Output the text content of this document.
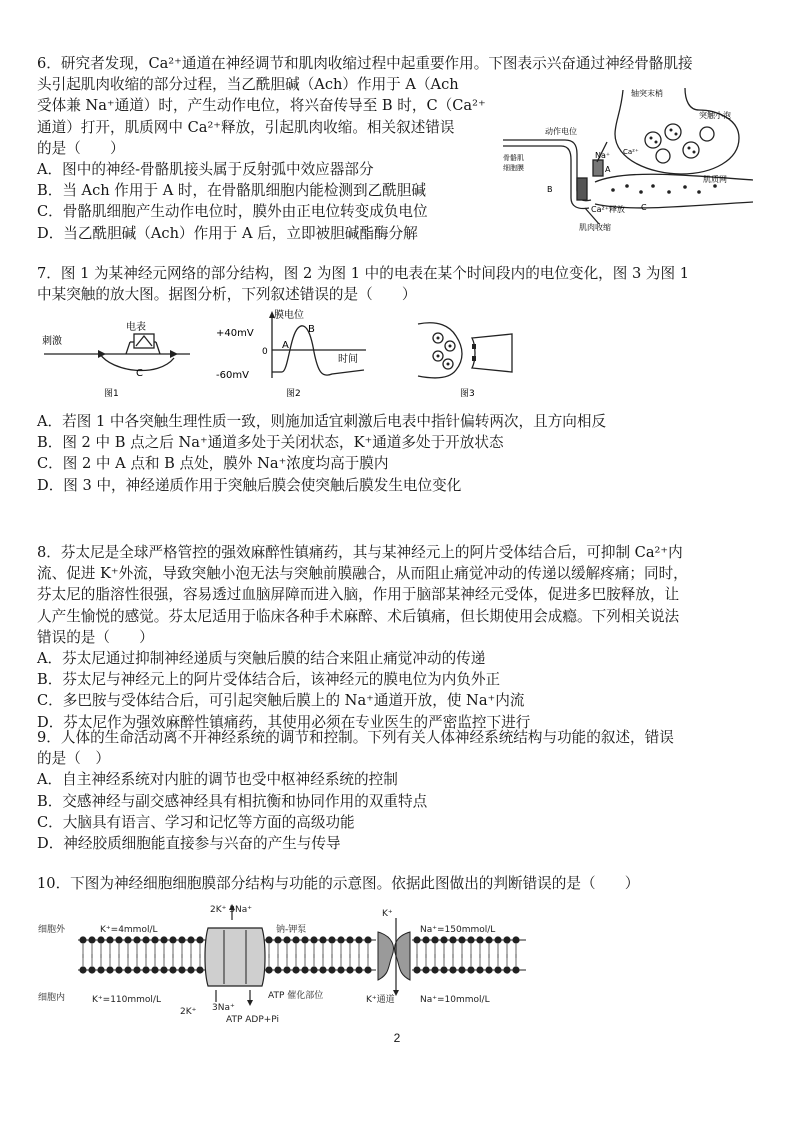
6．研究者发现，Ca²⁺通道在神经调节和肌肉收缩过程中起重要作用。下图表示兴奋通过神经骨骼肌接
头引起肌肉收缩的部分过程，当乙酰胆碱（Ach）作用于 A（Ach
受体兼 Na⁺通道）时，产生动作电位，将兴奋传导至 B 时，C（Ca²⁺
通道）打开，肌质网中 Ca²⁺释放，引起肌肉收缩。相关叙述错误
的是（　　）
A．图中的神经-骨骼肌接头属于反射弧中效应器部分
B．当 Ach 作用于 A 时，在骨骼肌细胞内能检测到乙酰胆碱
C．骨骼肌细胞产生动作电位时，膜外由正电位转变成负电位
D．当乙酰胆碱（Ach）作用于 A 后，立即被胆碱酯酶分解
轴突末梢
突触小泡
动作电位
骨骼肌
细胞膜
Na⁺
A
B
C
肌质网
Ca²⁺
Ca²⁺释放
肌肉收缩
7．图 1 为某神经元网络的部分结构，图 2 为图 1 中的电表在某个时间段内的电位变化，图 3 为图 1
中某突触的放大图。据图分析，下列叙述错误的是（　　）
刺激
电表
C
图1
膜电位
+40mV
0
-60mV
A
B
时间
图2	图3
A．若图 1 中各突触生理性质一致，则施加适宜刺激后电表中指针偏转两次，且方向相反
B．图 2 中 B 点之后 Na⁺通道多处于关闭状态，K⁺通道多处于开放状态
C．图 2 中 A 点和 B 点处，膜外 Na⁺浓度均高于膜内
D．图 3 中，神经递质作用于突触后膜会使突触后膜发生电位变化
8．芬太尼是全球严格管控的强效麻醉性镇痛药，其与某神经元上的阿片受体结合后，可抑制 Ca²⁺内
流、促进 K⁺外流，导致突触小泡无法与突触前膜融合，从而阻止痛觉冲动的传递以缓解疼痛；同时，
芬太尼的脂溶性很强，容易透过血脑屏障而进入脑，作用于脑部某神经元受体，促进多巴胺释放，让
人产生愉悦的感觉。芬太尼适用于临床各种手术麻醉、术后镇痛，但长期使用会成瘾。下列相关说法
错误的是（　　）
A．芬太尼通过抑制神经递质与突触后膜的结合来阻止痛觉冲动的传递
B．芬太尼与神经元上的阿片受体结合后，该神经元的膜电位为内负外正
C．多巴胺与受体结合后，可引起突触后膜上的 Na⁺通道开放，使 Na⁺内流
D．芬太尼作为强效麻醉性镇痛药，其使用必须在专业医生的严密监控下进行
9．人体的生命活动离不开神经系统的调节和控制。下列有关人体神经系统结构与功能的叙述，错误
的是（　）
A．自主神经系统对内脏的调节也受中枢神经系统的控制
B．交感神经与副交感神经具有相抗衡和协同作用的双重特点
C．大脑具有语言、学习和记忆等方面的高级功能
D．神经胶质细胞能直接参与兴奋的产生与传导
10．下图为神经细胞细胞膜部分结构与功能的示意图。依据此图做出的判断错误的是（　　）
细胞外	K⁺=4mmol/L
细胞内	K⁺=110mmol/L
Na⁺=150mmol/L
Na⁺=10mmol/L
2K⁺ 3Na⁺
钠-钾泵
K⁺
K⁺通道
ATP 催化部位
3Na⁺
2K⁺
ATP ADP+Pi
2
